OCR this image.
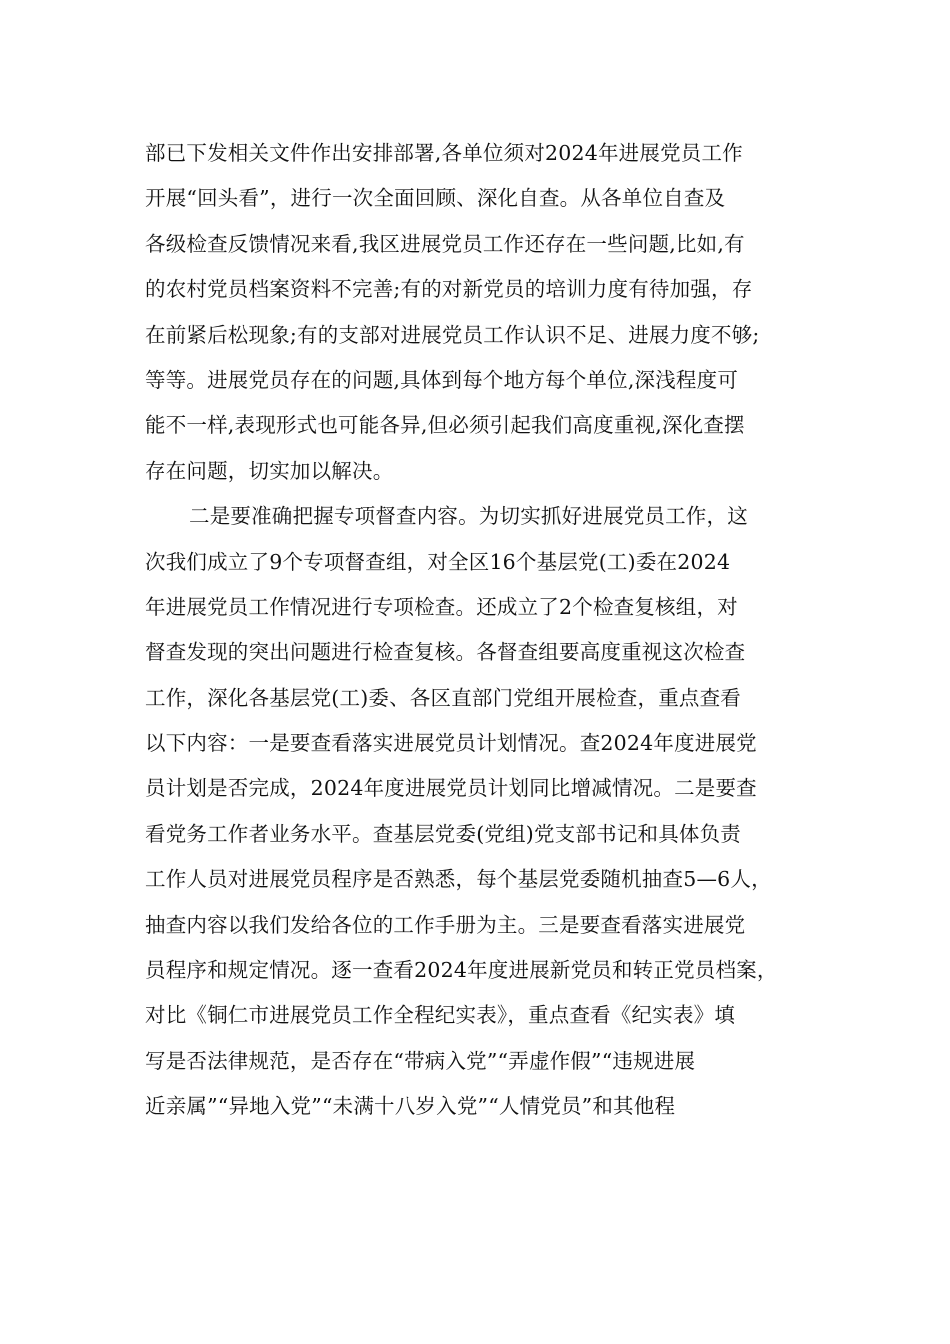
部已下发相关文件作出安排部署,各单位须对2024年进展党员工作
开展“回头看”，进行一次全面回顾、深化自查。从各单位自查及
各级检查反馈情况来看,我区进展党员工作还存在一些问题,比如,有
的农村党员档案资料不完善;有的对新党员的培训力度有待加强，存
在前紧后松现象;有的支部对进展党员工作认识不足、进展力度不够;
等等。进展党员存在的问题,具体到每个地方每个单位,深浅程度可
能不一样,表现形式也可能各异,但必须引起我们高度重视,深化查摆
存在问题，切实加以解决。
二是要准确把握专项督查内容。为切实抓好进展党员工作，这
次我们成立了9个专项督查组，对全区16个基层党(工)委在2024
年进展党员工作情况进行专项检查。还成立了2个检查复核组，对
督查发现的突出问题进行检查复核。各督查组要高度重视这次检查
工作，深化各基层党(工)委、各区直部门党组开展检查，重点查看
以下内容：一是要查看落实进展党员计划情况。查2024年度进展党
员计划是否完成，2024年度进展党员计划同比增减情况。二是要查
看党务工作者业务水平。查基层党委(党组)党支部书记和具体负责
工作人员对进展党员程序是否熟悉，每个基层党委随机抽查5—6人，
抽查内容以我们发给各位的工作手册为主。三是要查看落实进展党
员程序和规定情况。逐一查看2024年度进展新党员和转正党员档案，
对比《铜仁市进展党员工作全程纪实表》，重点查看《纪实表》填
写是否法律规范，是否存在“带病入党”“弄虚作假”“违规进展
近亲属”“异地入党”“未满十八岁入党”“人情党员”和其他程
